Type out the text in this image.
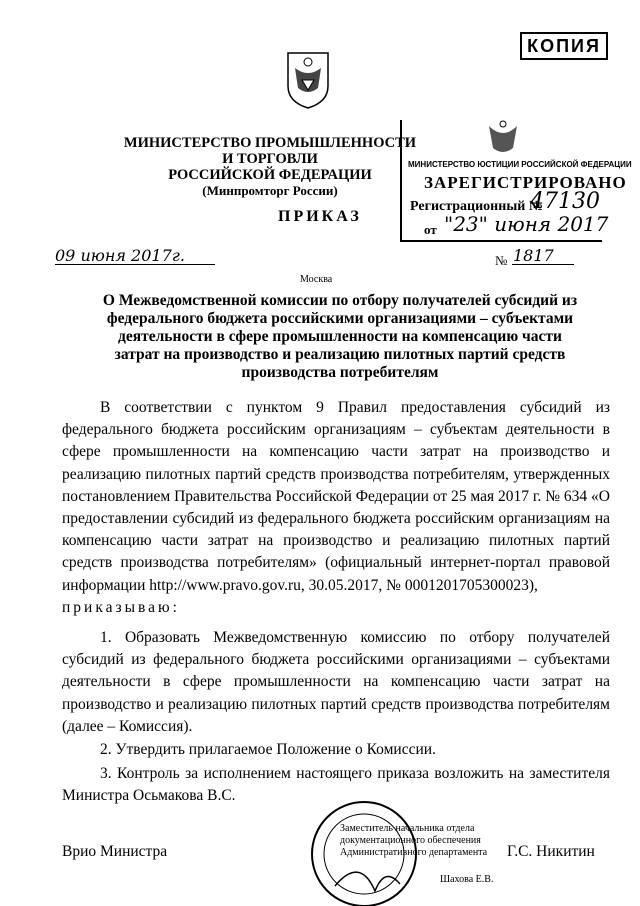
КОПИЯ
МИНИСТЕРСТВО ПРОМЫШЛЕННОСТИ И ТОРГОВЛИ
РОССИЙСКОЙ ФЕДЕРАЦИИ
(Минпромторг России)
МИНИСТЕРСТВО ЮСТИЦИИ РОССИЙСКОЙ ФЕДЕРАЦИИ
ЗАРЕГИСТРИРОВАНО
Регистрационный №
47130
от "23" июня 2017
ПРИКАЗ
09 июня 2017г.	№ 1817
Москва
О Межведомственной комиссии по отбору получателей субсидий из федерального бюджета российскими организациями – субъектами деятельности в сфере промышленности на компенсацию части затрат на производство и реализацию пилотных партий средств производства потребителям
В соответствии с пунктом 9 Правил предоставления субсидий из федерального бюджета российским организациям – субъектам деятельности в сфере промышленности на компенсацию части затрат на производство и реализацию пилотных партий средств производства потребителям, утвержденных постановлением Правительства Российской Федерации от 25 мая 2017 г. № 634 «О предоставлении субсидий из федерального бюджета российским организациям на компенсацию части затрат на производство и реализацию пилотных партий средств производства потребителям» (официальный интернет-портал правовой информации http://www.pravo.gov.ru, 30.05.2017, № 0001201705300023),
приказываю:
1. Образовать Межведомственную комиссию по отбору получателей субсидий из федерального бюджета российскими организациями – субъектами деятельности в сфере промышленности на компенсацию части затрат на производство и реализацию пилотных партий средств производства потребителям (далее – Комиссия).
2. Утвердить прилагаемое Положение о Комиссии.
3. Контроль за исполнением настоящего приказа возложить на заместителя Министра Осьмакова В.С.
Заместитель начальника отдела
документационного обеспечения
Административного департамента
Шахова Е.В.
Врио Министра	Г.С. Никитин
